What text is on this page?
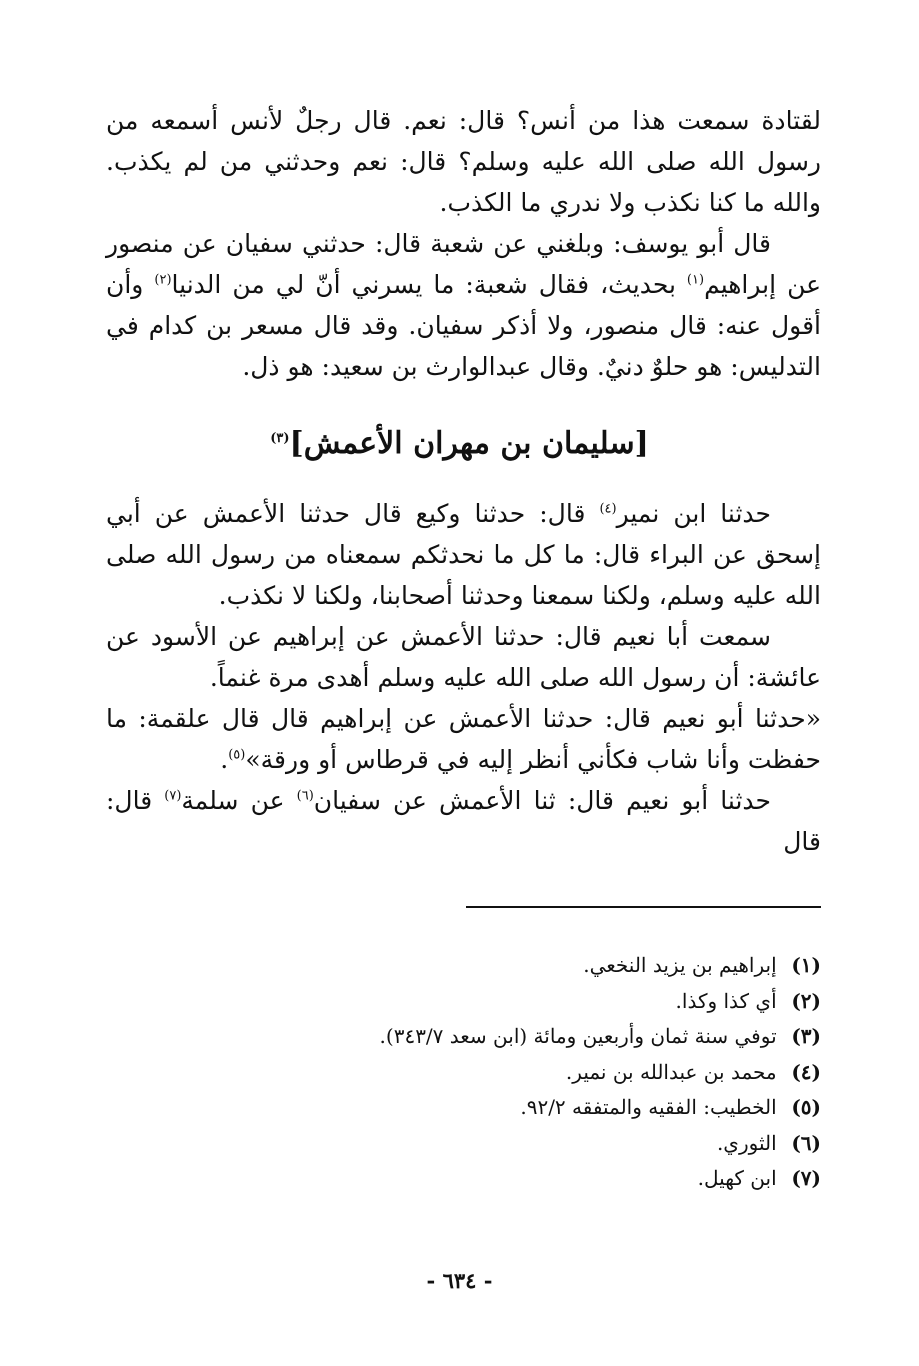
لقتادة سمعت هذا من أنس؟ قال: نعم. قال رجلٌ لأنس أسمعه من رسول الله صلى الله عليه وسلم؟ قال: نعم وحدثني من لم يكذب. والله ما كنا نكذب ولا ندري ما الكذب.

قال أبو يوسف: وبلغني عن شعبة قال: حدثني سفيان عن منصور عن إبراهيم$^{(١)}$ بحديث، فقال شعبة: ما يسرني أنّ لي من الدنيا$^{(٢)}$ وأن أقول عنه: قال منصور، ولا أذكر سفيان. وقد قال مسعر بن كدام في التدليس: هو حلوٌ دنيٌ. وقال عبدالوارث بن سعيد: هو ذل.

[سليمان بن مهران الأعمش]$^{(٣)}$

حدثنا ابن نمير$^{(٤)}$ قال: حدثنا وكيع قال حدثنا الأعمش عن أبي إسحق عن البراء قال: ما كل ما نحدثكم سمعناه من رسول الله صلى الله عليه وسلم، ولكنا سمعنا وحدثنا أصحابنا، ولكنا لا نكذب.

سمعت أبا نعيم قال: حدثنا الأعمش عن إبراهيم عن الأسود عن عائشة: أن رسول الله صلى الله عليه وسلم أهدى مرة غنماً.

«حدثنا أبو نعيم قال: حدثنا الأعمش عن إبراهيم قال قال علقمة: ما حفظت وأنا شاب فكأني أنظر إليه في قرطاس أو ورقة»$^{(٥)}$.

حدثنا أبو نعيم قال: ثنا الأعمش عن سفيان$^{(٦)}$ عن سلمة$^{(٧)}$ قال: قال

(١) إبراهيم بن يزيد النخعي.
(٢) أي كذا وكذا.
(٣) توفي سنة ثمان وأربعين ومائة (ابن سعد ٣٤٣/٧).
(٤) محمد بن عبدالله بن نمير.
(٥) الخطيب: الفقيه والمتفقه ٩٢/٢.
(٦) الثوري.
(٧) ابن كهيل.
- ٦٣٤ -
